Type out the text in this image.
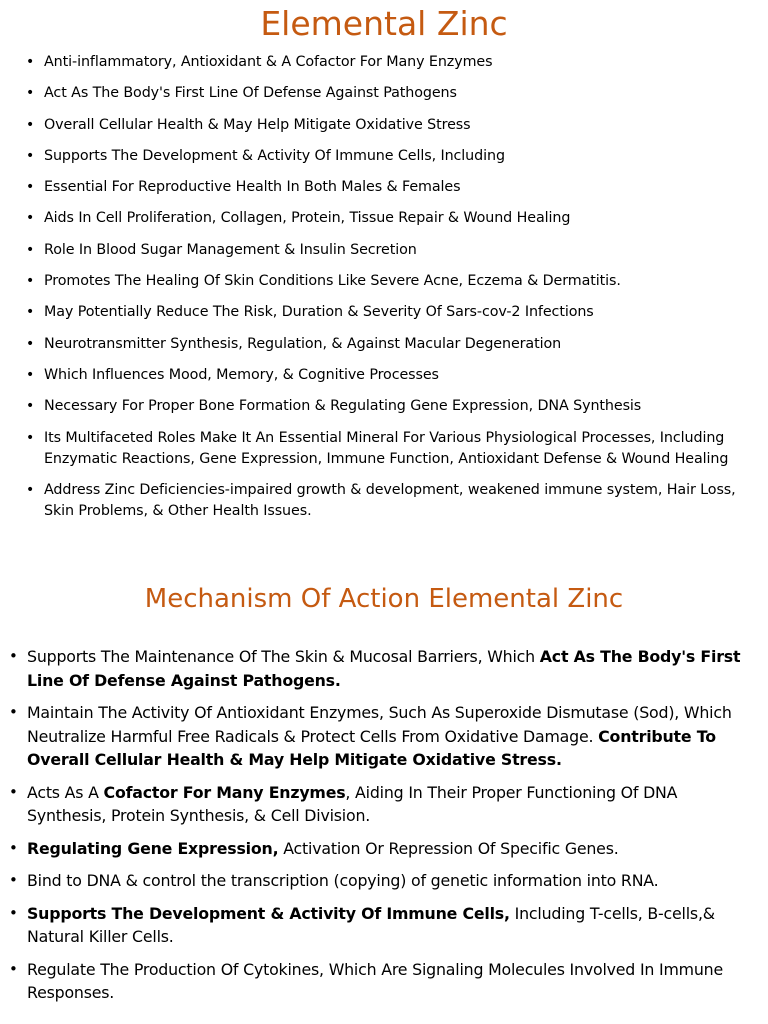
Elemental Zinc
• Anti-inflammatory, Antioxidant & A Cofactor For Many Enzymes
• Act As The Body's First Line Of Defense Against Pathogens
• Overall Cellular Health & May Help Mitigate Oxidative Stress
• Supports The Development & Activity Of Immune Cells, Including
• Essential For Reproductive Health In Both Males & Females
• Aids In Cell Proliferation, Collagen, Protein, Tissue Repair & Wound Healing
• Role In Blood Sugar Management & Insulin Secretion
• Promotes The Healing Of Skin Conditions Like Severe Acne, Eczema & Dermatitis.
• May Potentially Reduce The Risk, Duration & Severity Of Sars-cov-2 Infections
• Neurotransmitter Synthesis, Regulation, & Against Macular Degeneration
• Which Influences Mood, Memory, & Cognitive Processes
• Necessary For Proper Bone Formation & Regulating Gene Expression, DNA Synthesis
• Its Multifaceted Roles Make It An Essential Mineral For Various Physiological Processes, Including Enzymatic Reactions, Gene Expression, Immune Function, Antioxidant Defense & Wound Healing
• Address Zinc Deficiencies-impaired growth & development, weakened immune system, Hair Loss, Skin Problems, & Other Health Issues.
Mechanism Of Action Elemental Zinc
• Supports The Maintenance Of The Skin & Mucosal Barriers, Which Act As The Body's First Line Of Defense Against Pathogens.
• Maintain The Activity Of Antioxidant Enzymes, Such As Superoxide Dismutase (Sod), Which Neutralize Harmful Free Radicals & Protect Cells From Oxidative Damage. Contribute To Overall Cellular Health & May Help Mitigate Oxidative Stress.
• Acts As A Cofactor For Many Enzymes, Aiding In Their Proper Functioning Of DNA Synthesis, Protein Synthesis, & Cell Division.
• Regulating Gene Expression, Activation Or Repression Of Specific Genes.
• Bind to DNA & control the transcription (copying) of genetic information into RNA.
• Supports The Development & Activity Of Immune Cells, Including T-cells, B-cells,& Natural Killer Cells.
• Regulate The Production Of Cytokines, Which Are Signaling Molecules Involved In Immune Responses.
